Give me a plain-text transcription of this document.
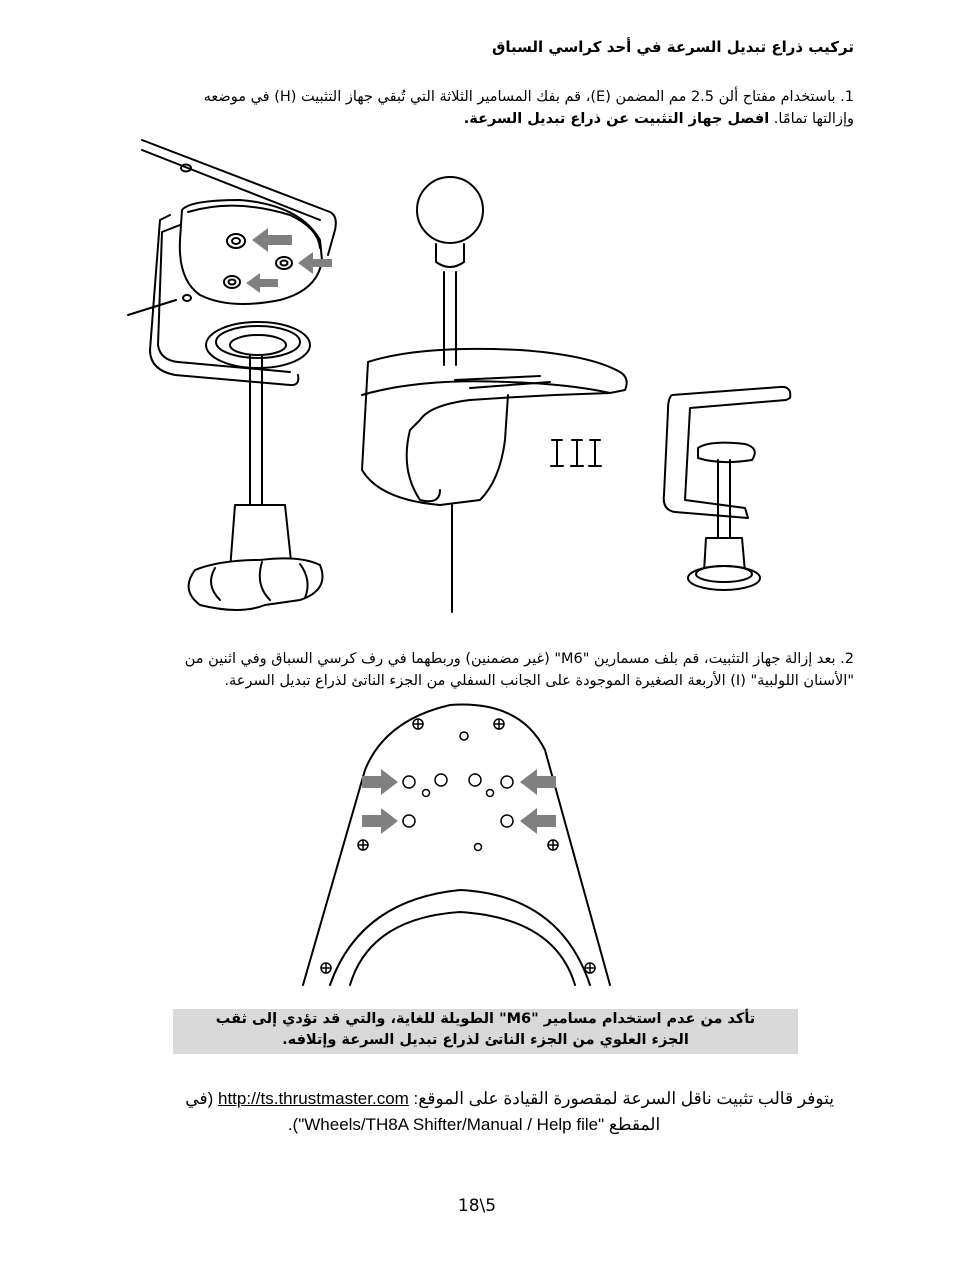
تركيب ذراع تبديل السرعة في أحد كراسي السباق
1. باستخدام مفتاح ألن 2.5 مم المضمن (E)، قم بفك المسامير الثلاثة التي تُبقي جهاز التثبيت (H) في موضعه
وإزالتها تمامًا. افصل جهاز التثبيت عن ذراع تبديل السرعة.
2. بعد إزالة جهاز التثبيت، قم بلف مسمارين "M6" (غير مضمنين) وربطهما في رف كرسي السباق وفي اثنين من
"الأسنان اللولبية" (I) الأربعة الصغيرة الموجودة على الجانب السفلي من الجزء الناتئ لذراع تبديل السرعة.
تأكد من عدم استخدام مسامير "M6" الطويلة للغاية، والتي قد تؤدي إلى ثقب
الجزء العلوي من الجزء الناتئ لذراع تبديل السرعة وإتلافه.
يتوفر قالب تثبيت ناقل السرعة لمقصورة القيادة على الموقع: http://ts.thrustmaster.com (في
المقطع "Wheels/TH8A Shifter/Manual / Help file").
18\5
